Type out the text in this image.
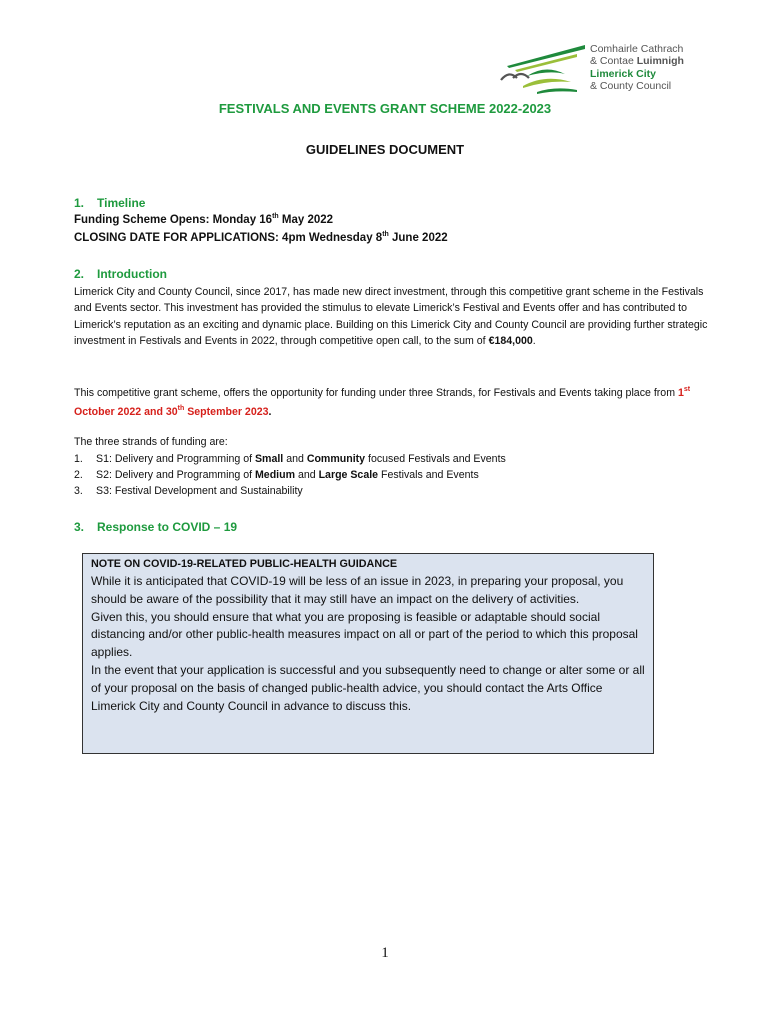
Comhairle Cathrach
& Contae Luimnigh
Limerick City
& County Council
FESTIVALS AND EVENTS GRANT SCHEME 2022-2023
GUIDELINES DOCUMENT
1. Timeline
Funding Scheme Opens: Monday 16th May 2022
CLOSING DATE FOR APPLICATIONS: 4pm Wednesday 8th June 2022
2. Introduction
Limerick City and County Council, since 2017, has made new direct investment, through this competitive grant scheme in the Festivals and Events sector. This investment has provided the stimulus to elevate Limerick’s Festival and Events offer and has contributed to Limerick’s reputation as an exciting and dynamic place. Building on this Limerick City and County Council are providing further strategic investment in Festivals and Events in 2022, through competitive open call, to the sum of €184,000.
This competitive grant scheme, offers the opportunity for funding under three Strands, for Festivals and Events taking place from 1st October 2022 and 30th September 2023.
The three strands of funding are:
1. S1: Delivery and Programming of Small and Community focused Festivals and Events
2. S2: Delivery and Programming of Medium and Large Scale Festivals and Events
3. S3: Festival Development and Sustainability
3. Response to COVID – 19
NOTE ON COVID-19-RELATED PUBLIC-HEALTH GUIDANCE
While it is anticipated that COVID-19 will be less of an issue in 2023, in preparing your proposal, you should be aware of the possibility that it may still have an impact on the delivery of activities.
Given this, you should ensure that what you are proposing is feasible or adaptable should social distancing and/or other public-health measures impact on all or part of the period to which this proposal applies.
In the event that your application is successful and you subsequently need to change or alter some or all of your proposal on the basis of changed public-health advice, you should contact the Arts Office Limerick City and County Council in advance to discuss this.
1
